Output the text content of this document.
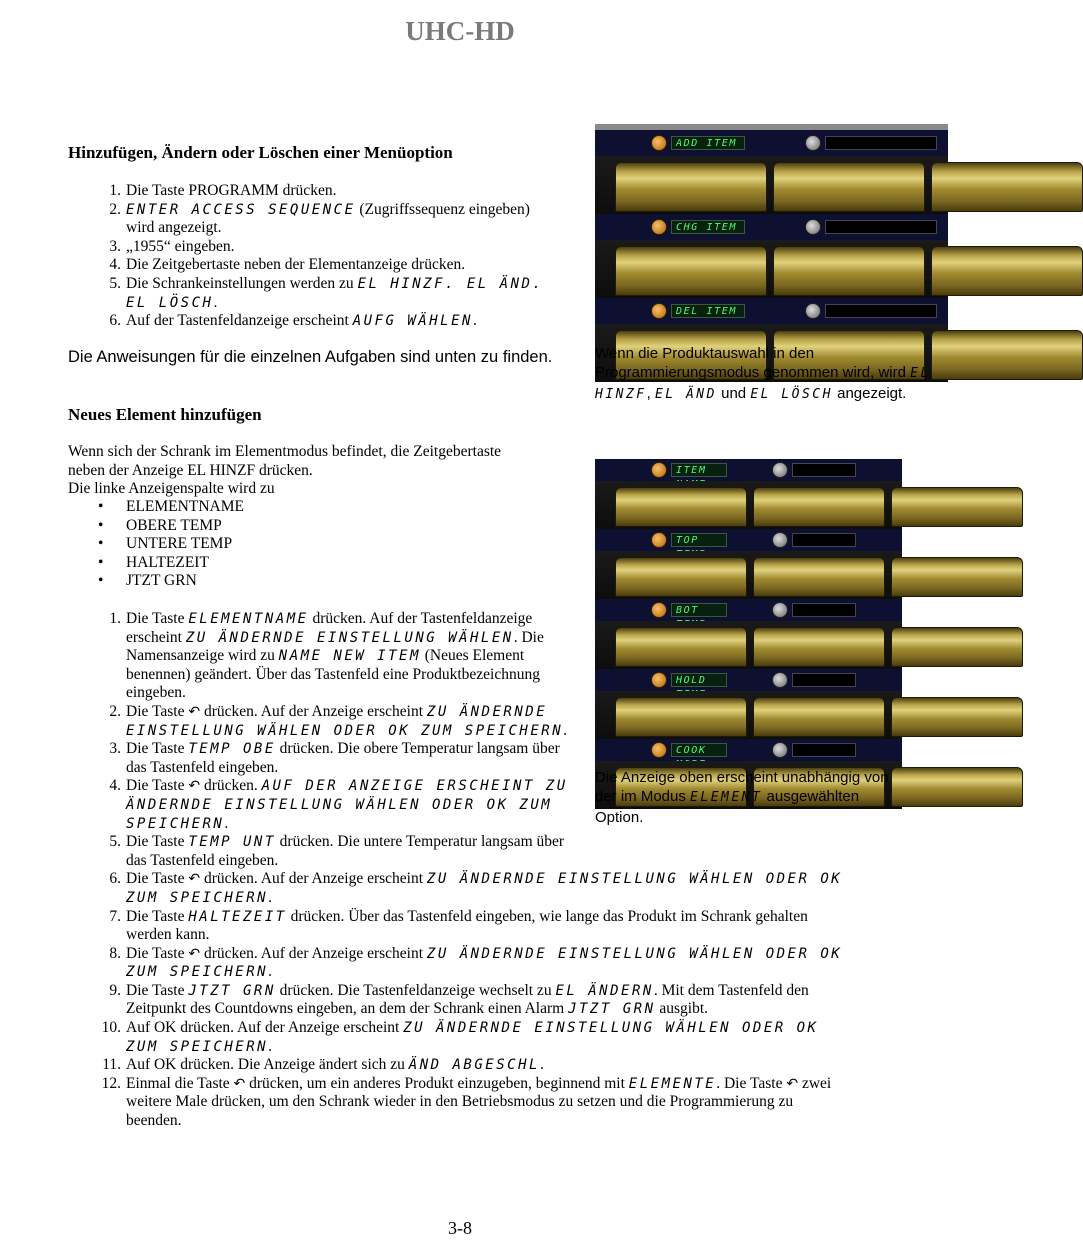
UHC-HD
Hinzufügen, Ändern oder Löschen einer Menüoption
1. Die Taste PROGRAMM drücken.
2. ENTER ACCESS SEQUENCE (Zugriffssequenz eingeben) wird angezeigt.
3. „1955“ eingeben.
4. Die Zeitgebertaste neben der Elementanzeige drücken.
5. Die Schrankeinstellungen werden zu EL HINZF. EL ÄND. EL LÖSCH.
6. Auf der Tastenfeldanzeige erscheint AUFG WÄHLEN.
Die Anweisungen für die einzelnen Aufgaben sind unten zu finden.
Neues Element hinzufügen
Wenn sich der Schrank im Elementmodus befindet, die Zeitgebertaste
neben der Anzeige EL HINZF drücken.
Die linke Anzeigenspalte wird zu
• ELEMENTNAME
• OBERE TEMP
• UNTERE TEMP
• HALTEZEIT
• JTZT GRN
1. Die Taste ELEMENTNAME drücken. Auf der Tastenfeldanzeige erscheint ZU ÄNDERNDE EINSTELLUNG WÄHLEN. Die Namensanzeige wird zu NAME NEW ITEM (Neues Element benennen) geändert. Über das Tastenfeld eine Produktbezeichnung eingeben.
2. Die Taste ↶ drücken. Auf der Anzeige erscheint ZU ÄNDERNDE EINSTELLUNG WÄHLEN ODER OK ZUM SPEICHERN.
3. Die Taste TEMP OBE drücken. Die obere Temperatur langsam über das Tastenfeld eingeben.
4. Die Taste ↶ drücken. AUF DER ANZEIGE ERSCHEINT ZU ÄNDERNDE EINSTELLUNG WÄHLEN ODER OK ZUM SPEICHERN.
5. Die Taste TEMP UNT drücken. Die untere Temperatur langsam über das Tastenfeld eingeben.
6. Die Taste ↶ drücken. Auf der Anzeige erscheint ZU ÄNDERNDE EINSTELLUNG WÄHLEN ODER OK ZUM SPEICHERN.
7. Die Taste HALTEZEIT drücken. Über das Tastenfeld eingeben, wie lange das Produkt im Schrank gehalten werden kann.
8. Die Taste ↶ drücken. Auf der Anzeige erscheint ZU ÄNDERNDE EINSTELLUNG WÄHLEN ODER OK ZUM SPEICHERN.
9. Die Taste JTZT GRN drücken. Die Tastenfeldanzeige wechselt zu EL ÄNDERN. Mit dem Tastenfeld den Zeitpunkt des Countdowns eingeben, an dem der Schrank einen Alarm JTZT GRN ausgibt.
10. Auf OK drücken. Auf der Anzeige erscheint ZU ÄNDERNDE EINSTELLUNG WÄHLEN ODER OK ZUM SPEICHERN.
11. Auf OK drücken. Die Anzeige ändert sich zu ÄND ABGESCHL.
12. Einmal die Taste ↶ drücken, um ein anderes Produkt einzugeben, beginnend mit ELEMENTE. Die Taste ↶ zwei weitere Male drücken, um den Schrank wieder in den Betriebsmodus zu setzen und die Programmierung zu beenden.
ADD ITEM
CHG ITEM
DEL ITEM
Wenn die Produktauswahl in den Programmierungsmodus genommen wird, wird EL HINZF, EL ÄND und EL LÖSCH angezeigt.
ITEM
TOP
BOT
HOLD
COOK
Die Anzeige oben erscheint unabhängig von der im Modus ELEMENT ausgewählten Option.
3-8
